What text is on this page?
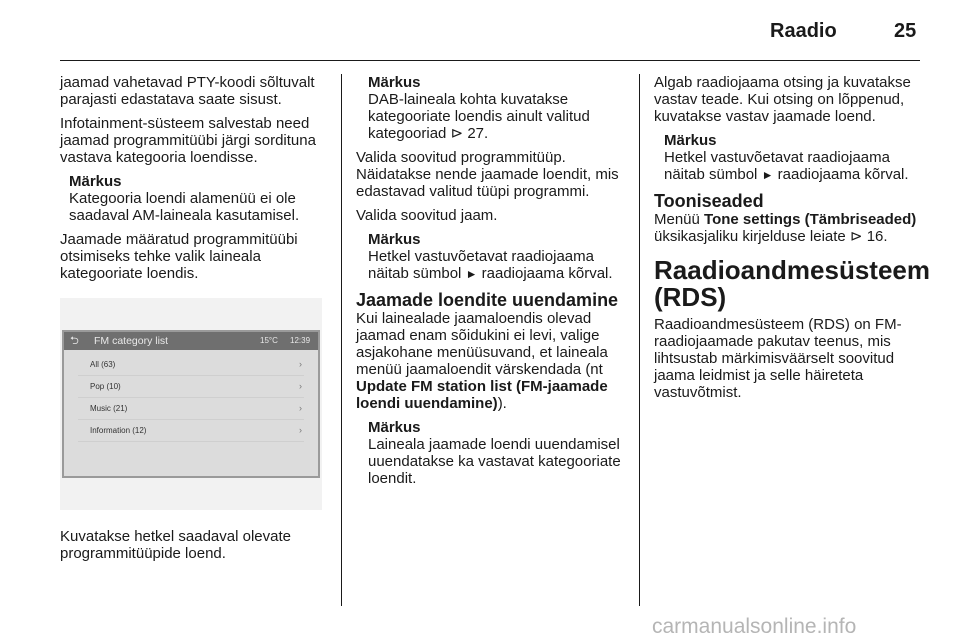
Raadio	25

jaamad vahetavad PTY-koodi sõltuvalt parajasti edastatava saate sisust.

Infotainment-süsteem salvestab need jaamad programmitüübi järgi sordituna vastava kategooria loendisse.

Märkus
Kategooria loendi alamenüü ei ole saadaval AM-laineala kasutamisel.

Jaamade määratud programmitüübi otsimiseks tehke valik laineala kategooriate loendis.

⮌ FM category list	15°C 12:39
All (63)	›
Pop (10)	›
Music (21)	›
Information (12)	›

Kuvatakse hetkel saadaval olevate programmitüüpide loend.

Märkus
DAB-laineala kohta kuvatakse kategooriate loendis ainult valitud kategooriad ⊳ 27.

Valida soovitud programmitüüp. Näidatakse nende jaamade loendit, mis edastavad valitud tüüpi programmi.

Valida soovitud jaam.

Märkus
Hetkel vastuvõetavat raadiojaama näitab sümbol ► raadiojaama kõrval.
Jaamade loendite uuendamine

Kui lainealade jaamaloendis olevad jaamad enam sõidukini ei levi, valige asjakohane menüüsuvand, et laineala menüü jaamaloendit värskendada (nt Update FM station list (FM-jaamade loendi uuendamine)).

Märkus
Laineala jaamade loendi uuendamisel uuendatakse ka vastavat kategooriate loendit.

Algab raadiojaama otsing ja kuvatakse vastav teade. Kui otsing on lõppenud, kuvatakse vastav jaamade loend.

Märkus
Hetkel vastuvõetavat raadiojaama näitab sümbol ► raadiojaama kõrval.
Tooniseaded

Menüü Tone settings (Tämbriseaded) üksikasjaliku kirjelduse leiate ⊳ 16.

Raadioandmesüsteem (RDS)

Raadioandmesüsteem (RDS) on FM-raadiojaamade pakutav teenus, mis lihtsustab märkimisväärselt soovitud jaama leidmist ja selle häireteta vastuvõtmist.

carmanualsonline.info
